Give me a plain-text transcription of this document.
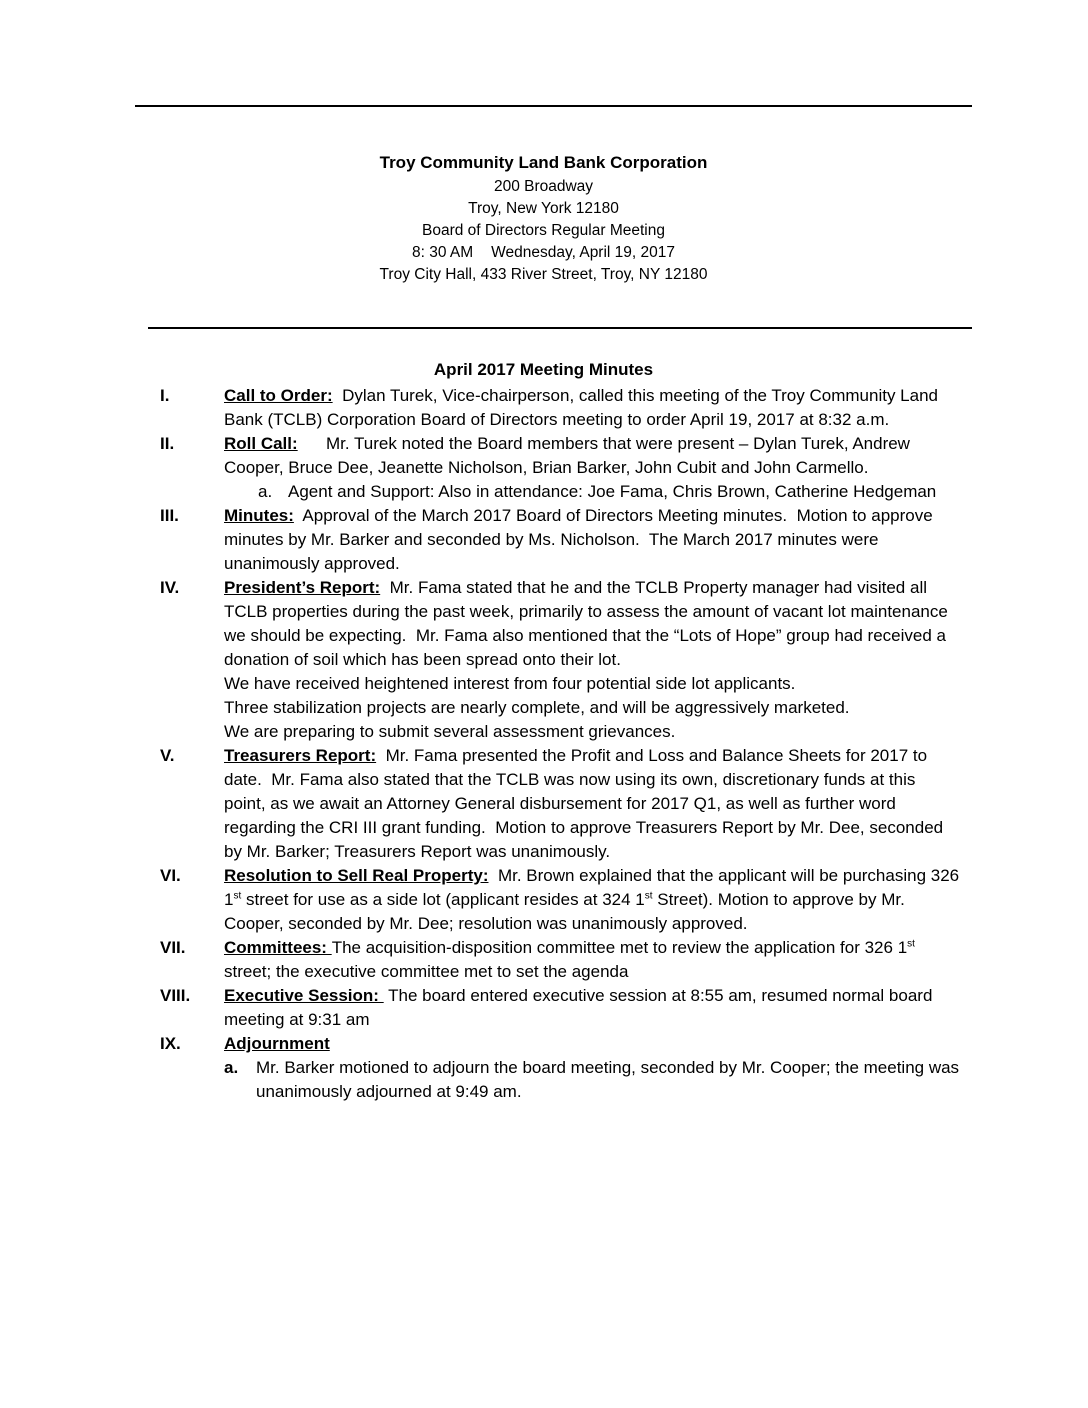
Troy Community Land Bank Corporation
200 Broadway
Troy, New York 12180
Board of Directors Regular Meeting
8: 30 AM Wednesday, April 19, 2017
Troy City Hall, 433 River Street, Troy, NY 12180
April 2017 Meeting Minutes
I.	Call to Order:  Dylan Turek, Vice-chairperson, called this meeting of the Troy Community Land Bank (TCLB) Corporation Board of Directors meeting to order April 19, 2017 at 8:32 a.m.
II.	Roll Call:      Mr. Turek noted the Board members that were present – Dylan Turek, Andrew Cooper, Bruce Dee, Jeanette Nicholson, Brian Barker, John Cubit and John Carmello.
a. Agent and Support: Also in attendance: Joe Fama, Chris Brown, Catherine Hedgeman
III.	Minutes:  Approval of the March 2017 Board of Directors Meeting minutes.  Motion to approve minutes by Mr. Barker and seconded by Ms. Nicholson.  The March 2017 minutes were unanimously approved.
IV.	President’s Report:  Mr. Fama stated that he and the TCLB Property manager had visited all TCLB properties during the past week, primarily to assess the amount of vacant lot maintenance we should be expecting.  Mr. Fama also mentioned that the “Lots of Hope” group had received a donation of soil which has been spread onto their lot.
We have received heightened interest from four potential side lot applicants.
Three stabilization projects are nearly complete, and will be aggressively marketed.
We are preparing to submit several assessment grievances.
V.	Treasurers Report:  Mr. Fama presented the Profit and Loss and Balance Sheets for 2017 to date.  Mr. Fama also stated that the TCLB was now using its own, discretionary funds at this point, as we await an Attorney General disbursement for 2017 Q1, as well as further word regarding the CRI III grant funding.  Motion to approve Treasurers Report by Mr. Dee, seconded by Mr. Barker; Treasurers Report was unanimously.
VI.	Resolution to Sell Real Property:  Mr. Brown explained that the applicant will be purchasing 326 1st street for use as a side lot (applicant resides at 324 1st Street). Motion to approve by Mr. Cooper, seconded by Mr. Dee; resolution was unanimously approved.
VII. Committees: The acquisition-disposition committee met to review the application for 326 1st street; the executive committee met to set the agenda
VIII. Executive Session:  The board entered executive session at 8:55 am, resumed normal board meeting at 9:31 am
IX.	Adjournment
a. Mr. Barker motioned to adjourn the board meeting, seconded by Mr. Cooper; the meeting was unanimously adjourned at 9:49 am.
